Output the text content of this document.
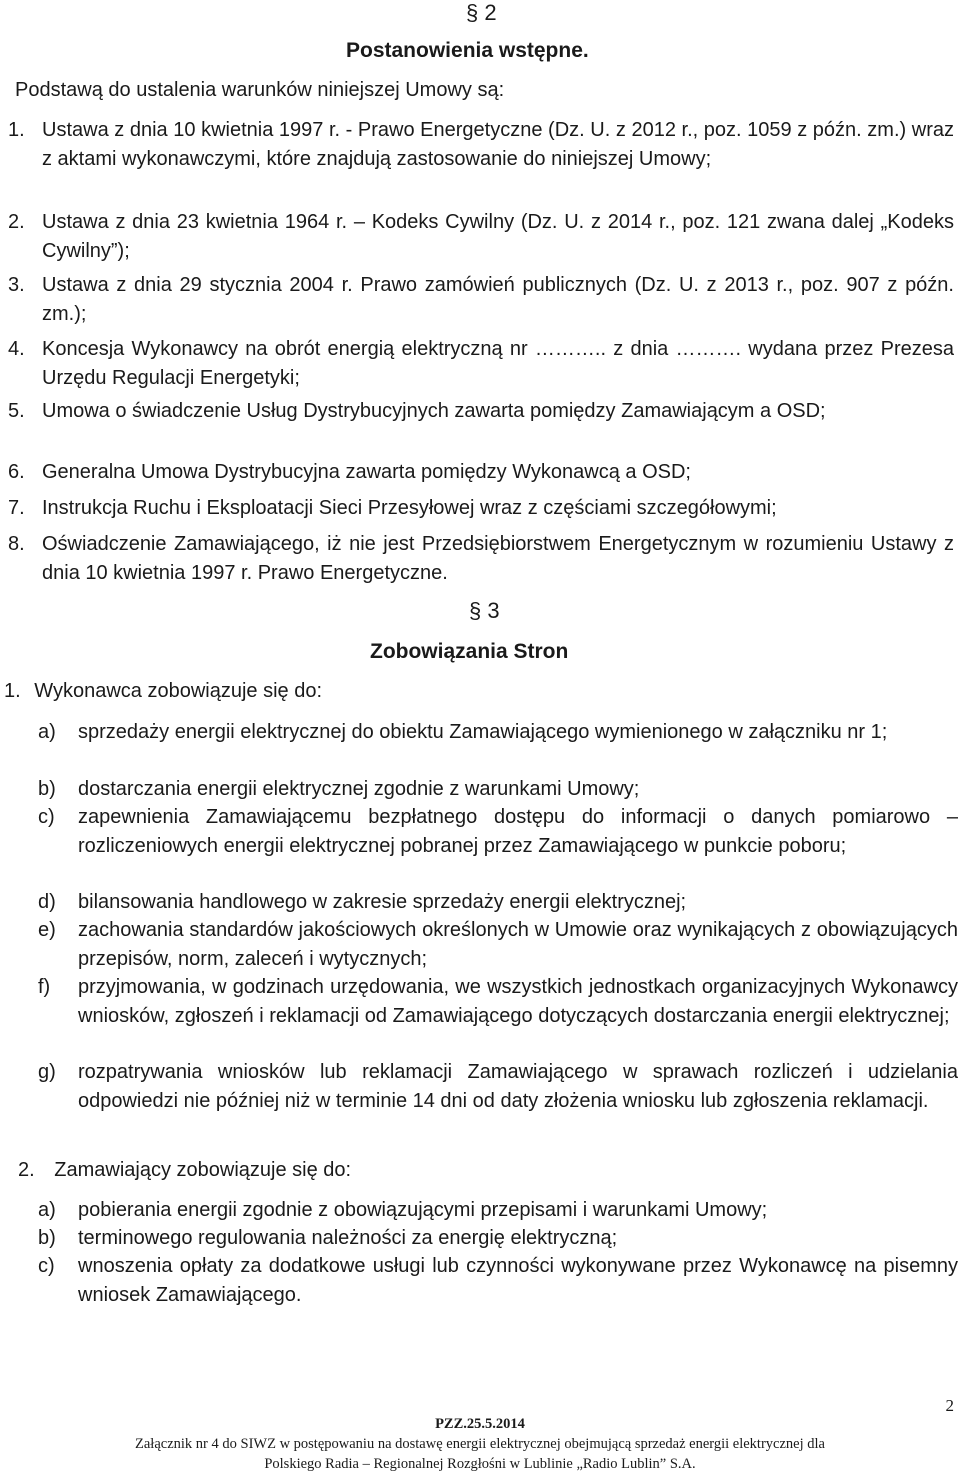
§ 2
Postanowienia wstępne.
Podstawą do ustalenia warunków niniejszej Umowy są:
1. Ustawa z dnia 10 kwietnia 1997 r. - Prawo Energetyczne (Dz. U. z 2012 r., poz. 1059 z późn. zm.) wraz z aktami wykonawczymi, które znajdują zastosowanie do niniejszej Umowy;
2. Ustawa z dnia 23 kwietnia 1964 r. – Kodeks Cywilny (Dz. U. z 2014 r., poz. 121 zwana dalej „Kodeks Cywilny”);
3. Ustawa z dnia 29 stycznia 2004 r. Prawo zamówień publicznych (Dz. U. z 2013 r., poz. 907 z późn. zm.);
4. Koncesja Wykonawcy na obrót energią elektryczną nr ……….. z dnia ………. wydana przez Prezesa Urzędu Regulacji Energetyki;
5. Umowa o świadczenie Usług Dystrybucyjnych zawarta pomiędzy Zamawiającym a OSD;
6. Generalna Umowa Dystrybucyjna zawarta pomiędzy Wykonawcą a OSD;
7. Instrukcja Ruchu i Eksploatacji Sieci Przesyłowej wraz z częściami szczegółowymi;
8. Oświadczenie Zamawiającego, iż nie jest Przedsiębiorstwem Energetycznym w rozumieniu Ustawy z dnia 10 kwietnia 1997 r. Prawo Energetyczne.
§ 3
Zobowiązania Stron
1. Wykonawca zobowiązuje się do:
a) sprzedaży energii elektrycznej do obiektu Zamawiającego wymienionego w załączniku nr 1;
b) dostarczania energii elektrycznej zgodnie z warunkami Umowy;
c) zapewnienia Zamawiającemu bezpłatnego dostępu do informacji o danych pomiarowo – rozliczeniowych energii elektrycznej pobranej przez Zamawiającego w punkcie poboru;
d) bilansowania handlowego w zakresie sprzedaży energii elektrycznej;
e) zachowania standardów jakościowych określonych w Umowie oraz wynikających z obowiązujących przepisów, norm, zaleceń i wytycznych;
f) przyjmowania, w godzinach urzędowania, we wszystkich jednostkach organizacyjnych Wykonawcy wniosków, zgłoszeń i reklamacji od Zamawiającego dotyczących dostarczania energii elektrycznej;
g) rozpatrywania wniosków lub reklamacji Zamawiającego w sprawach rozliczeń i udzielania odpowiedzi nie później niż w terminie 14 dni od daty złożenia wniosku lub zgłoszenia reklamacji.
2. Zamawiający zobowiązuje się do:
a) pobierania energii zgodnie z obowiązującymi przepisami i warunkami Umowy;
b) terminowego regulowania należności za energię elektryczną;
c) wnoszenia opłaty za dodatkowe usługi lub czynności wykonywane przez Wykonawcę na pisemny wniosek Zamawiającego.
2
PZZ.25.5.2014
Załącznik nr 4 do SIWZ w postępowaniu na dostawę energii elektrycznej obejmującą sprzedaż energii elektrycznej dla
Polskiego Radia – Regionalnej Rozgłośni w Lublinie „Radio Lublin” S.A.
